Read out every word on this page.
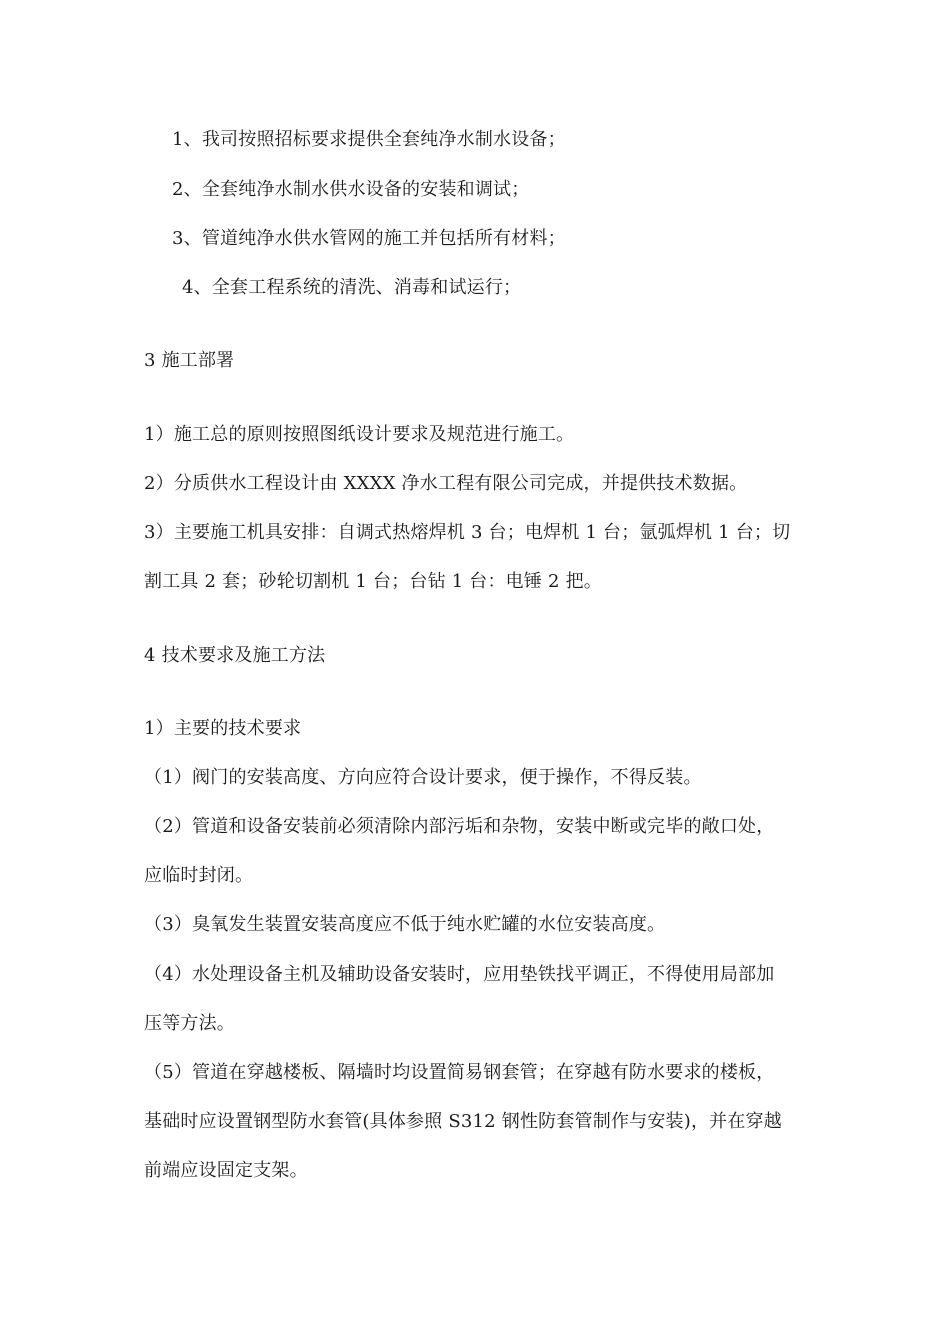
1、我司按照招标要求提供全套纯净水制水设备；
2、全套纯净水制水供水设备的安装和调试；
3、管道纯净水供水管网的施工并包括所有材料；
4、全套工程系统的清洗、消毒和试运行；
3 施工部署
1）施工总的原则按照图纸设计要求及规范进行施工。
2）分质供水工程设计由 XXXX 净水工程有限公司完成，并提供技术数据。
3）主要施工机具安排：自调式热熔焊机 3 台；电焊机 1 台；氩弧焊机 1 台；切
割工具 2 套；砂轮切割机 1 台；台钻 1 台：电锤 2 把。
4 技术要求及施工方法
1）主要的技术要求
（1）阀门的安装高度、方向应符合设计要求，便于操作，不得反装。
（2）管道和设备安装前必须清除内部污垢和杂物，安装中断或完毕的敞口处，
应临时封闭。
（3）臭氧发生装置安装高度应不低于纯水贮罐的水位安装高度。
（4）水处理设备主机及辅助设备安装时，应用垫铁找平调正，不得使用局部加
压等方法。
（5）管道在穿越楼板、隔墙时均设置简易钢套管；在穿越有防水要求的楼板，
基础时应设置钢型防水套管(具体参照 S312 钢性防套管制作与安装)，并在穿越
前端应设固定支架。
